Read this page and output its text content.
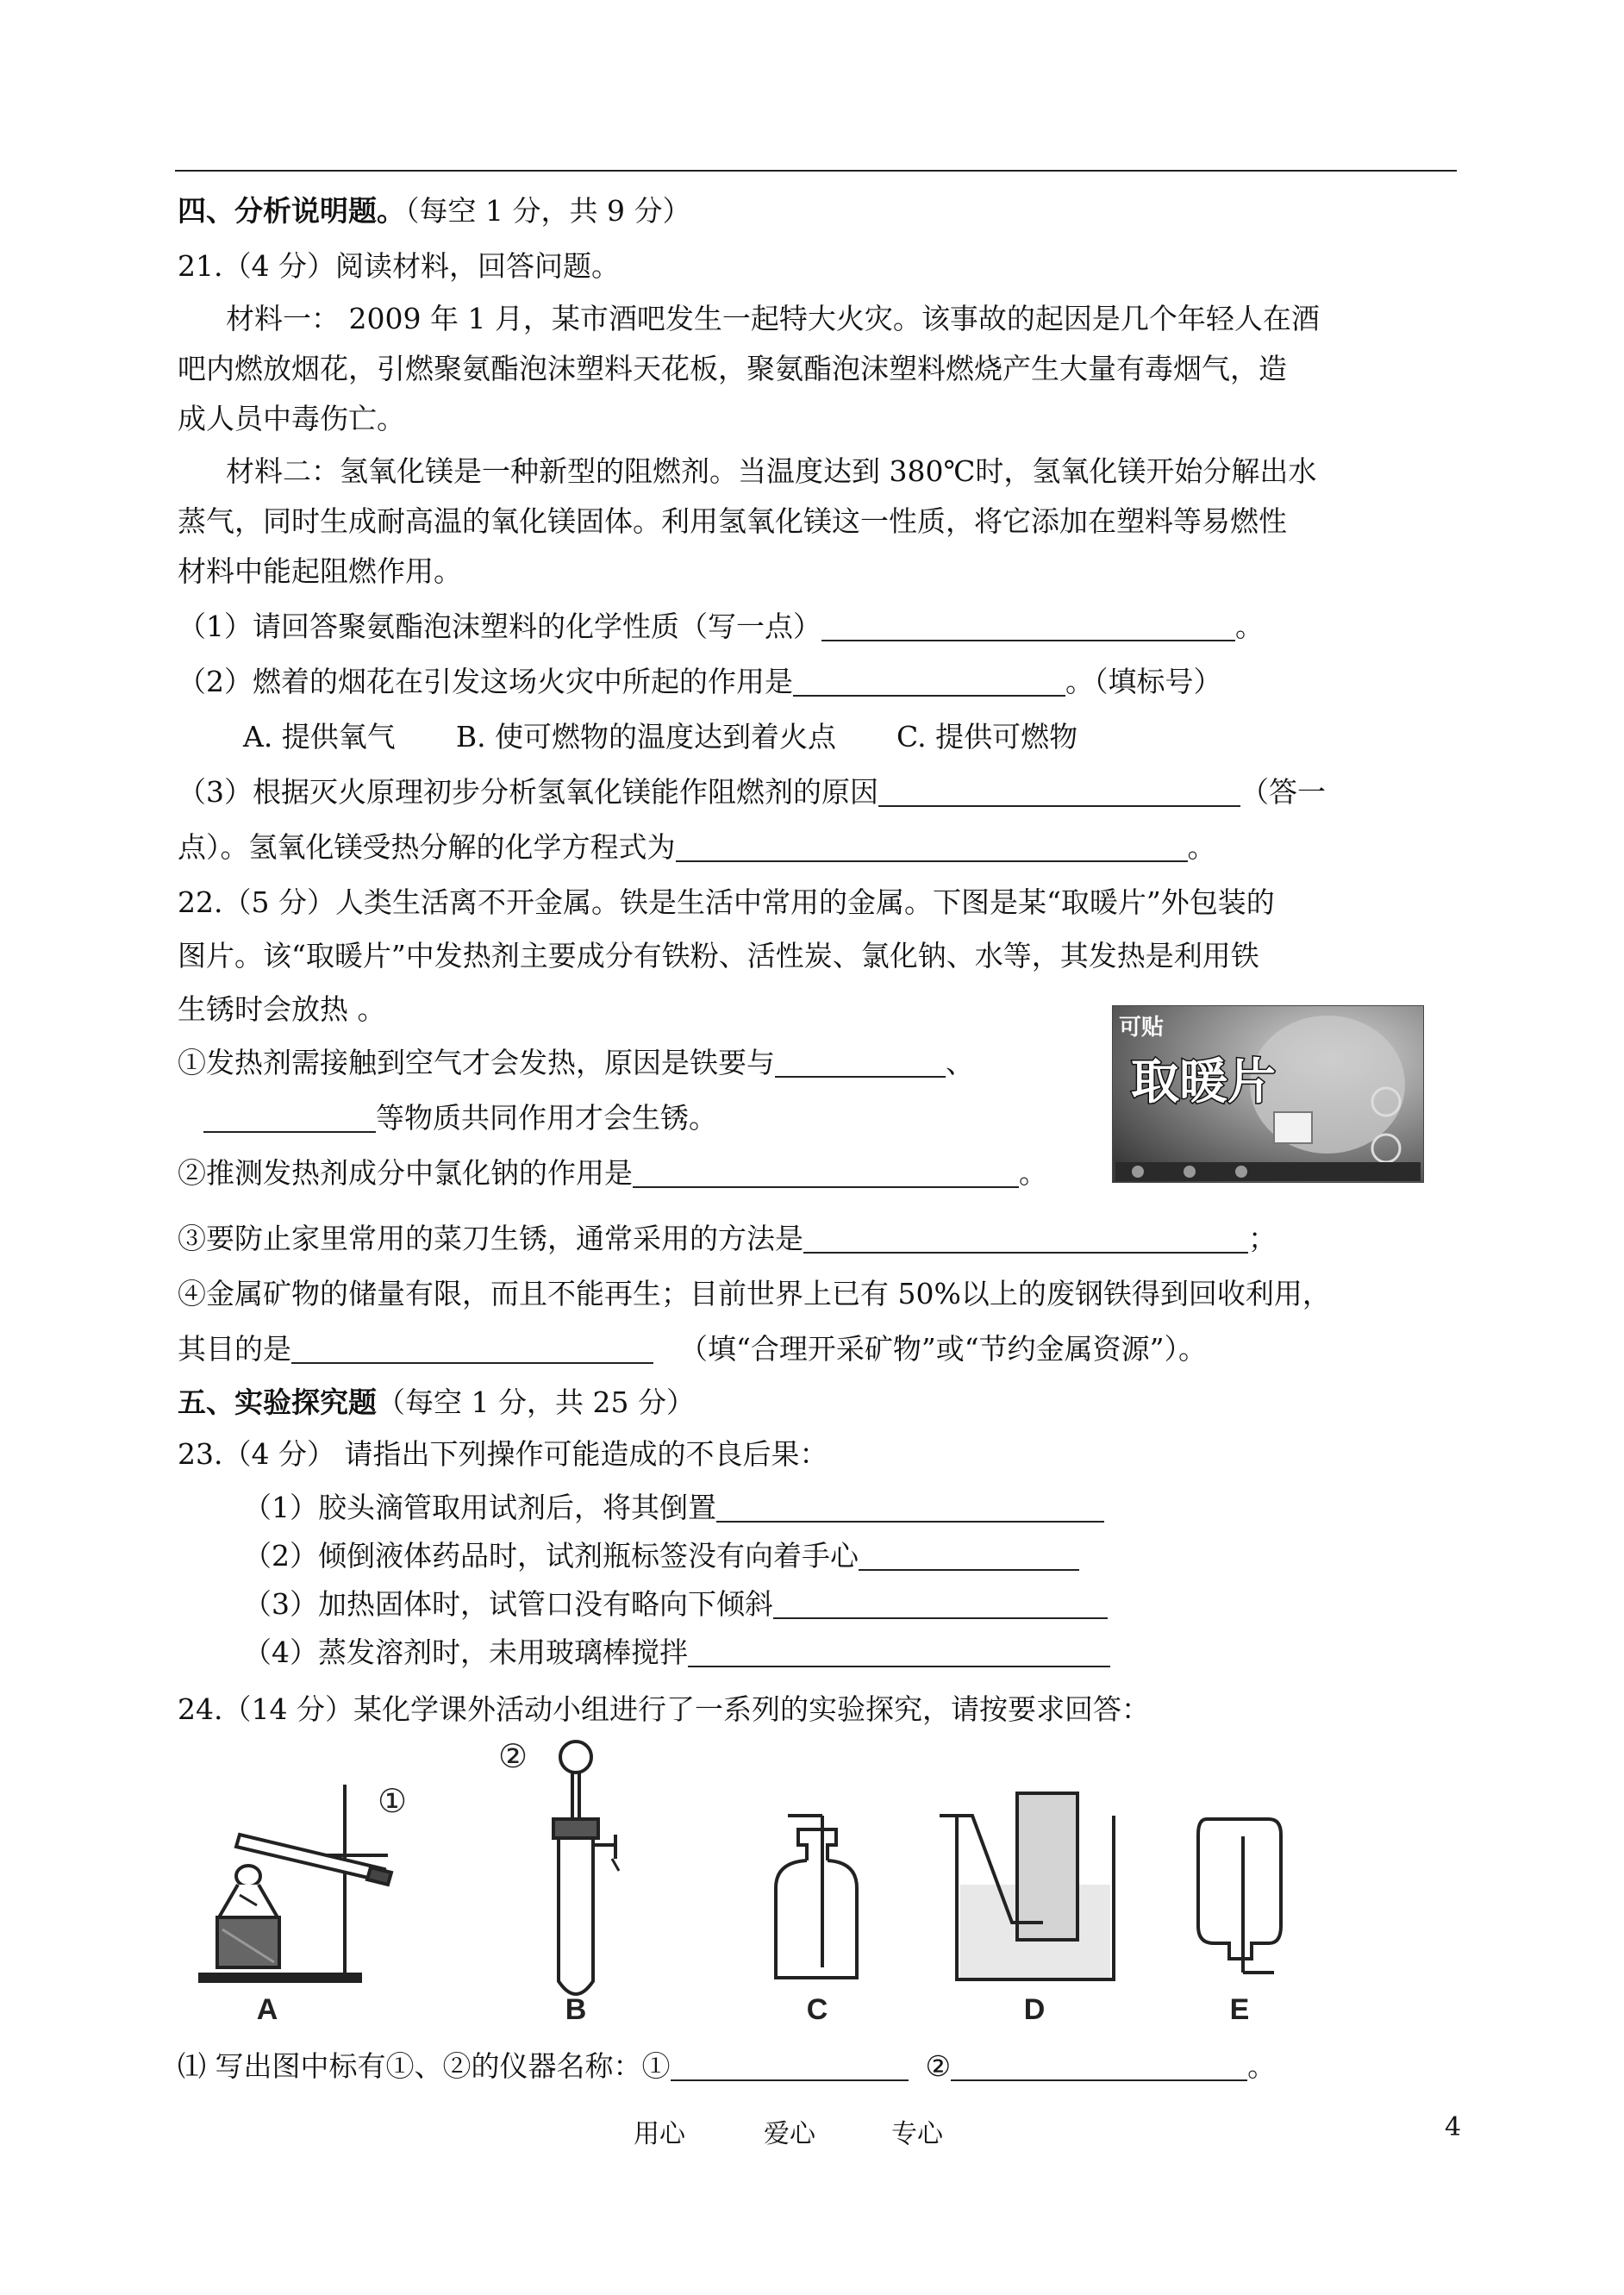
四、分析说明题。（每空 1 分，共 9 分）
21.（4 分）阅读材料，回答问题。
材料一： 2009 年 1 月，某市酒吧发生一起特大火灾。该事故的起因是几个年轻人在酒
吧内燃放烟花，引燃聚氨酯泡沫塑料天花板，聚氨酯泡沫塑料燃烧产生大量有毒烟气，造
成人员中毒伤亡。
材料二：氢氧化镁是一种新型的阻燃剂。当温度达到 380℃时，氢氧化镁开始分解出水
蒸气，同时生成耐高温的氧化镁固体。利用氢氧化镁这一性质，将它添加在塑料等易燃性
材料中能起阻燃作用。
（1）请回答聚氨酯泡沫塑料的化学性质（写一点）	。
（2）燃着的烟花在引发这场火灾中所起的作用是	。（填标号）
A. 提供氧气 B. 使可燃物的温度达到着火点 C. 提供可燃物
（3）根据灭火原理初步分析氢氧化镁能作阻燃剂的原因	（答一
点）。氢氧化镁受热分解的化学方程式为	。
22.（5 分）人类生活离不开金属。铁是生活中常用的金属。下图是某“取暖片”外包装的
图片。该“取暖片”中发热剂主要成分有铁粉、活性炭、氯化钠、水等，其发热是利用铁
生锈时会放热 。
①发热剂需接触到空气才会发热，原因是铁要与	、
等物质共同作用才会生锈。
②推测发热剂成分中氯化钠的作用是	。
可贴
取暖片
③要防止家里常用的菜刀生锈，通常采用的方法是	；
④金属矿物的储量有限，而且不能再生；目前世界上已有 50%以上的废钢铁得到回收利用，
其目的是	（填“合理开采矿物”或“节约金属资源”）。
五、实验探究题（每空 1 分，共 25 分）
23.（4 分） 请指出下列操作可能造成的不良后果：
（1）胶头滴管取用试剂后，将其倒置
（2）倾倒液体药品时，试剂瓶标签没有向着手心
（3）加热固体时，试管口没有略向下倾斜
（4）蒸发溶剂时，未用玻璃棒搅拌
24.（14 分）某化学课外活动小组进行了一系列的实验探究，请按要求回答：
①
A
②
B	C	D	E
⑴ 写出图中标有①、②的仪器名称：①	②	。
用心	爱心	专心	4
